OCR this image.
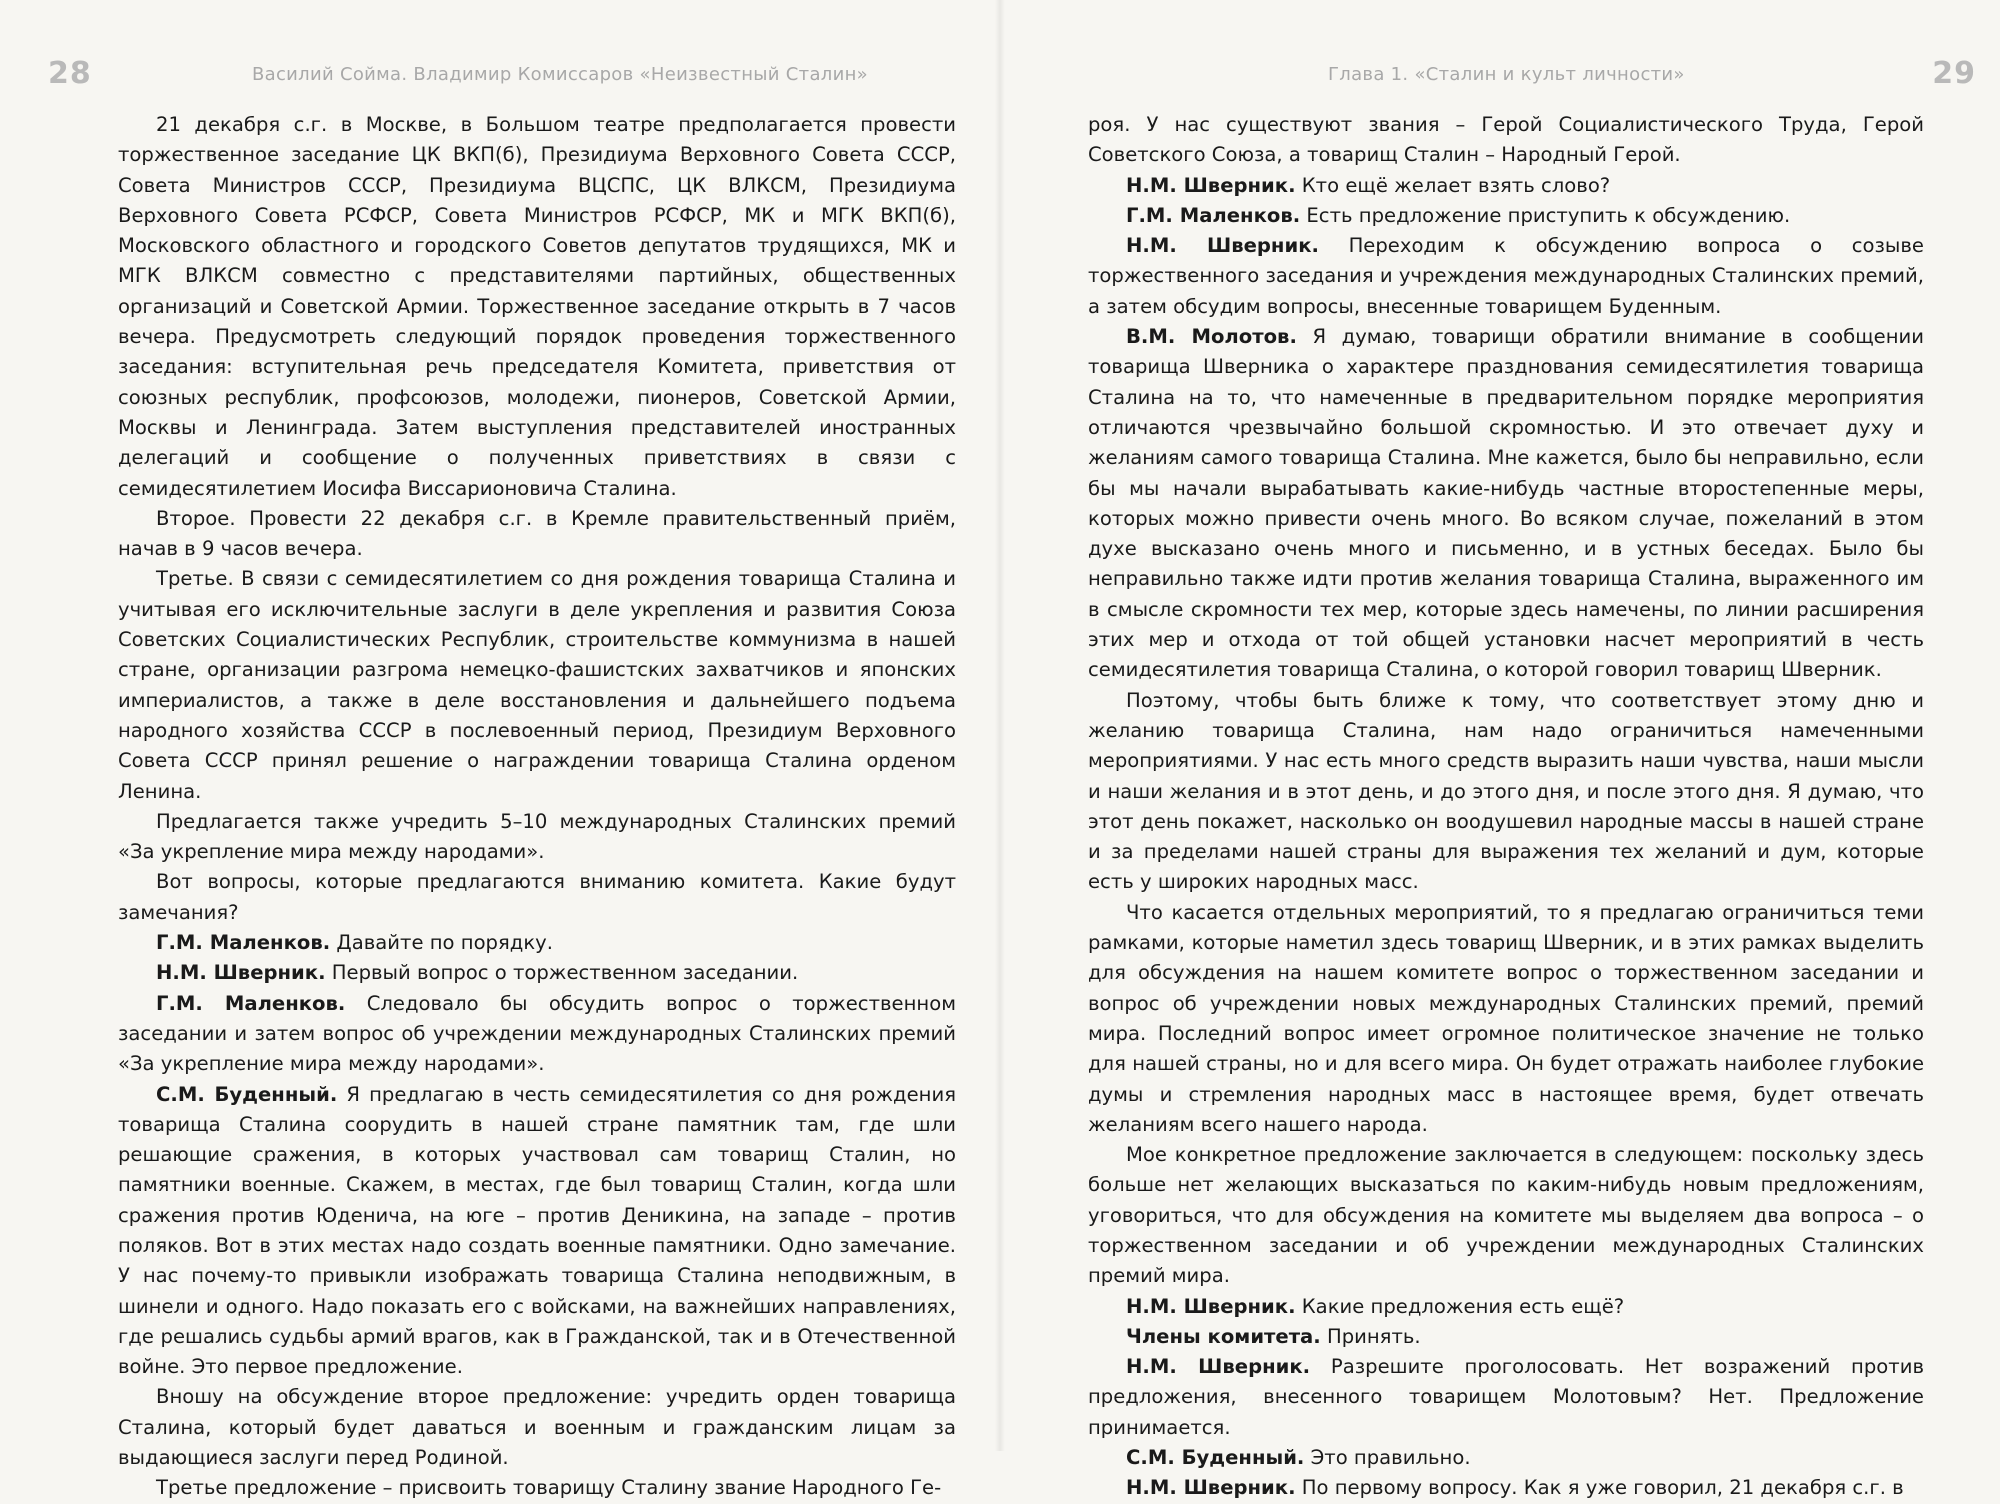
28	Василий Сойма. Владимир Комиссаров «Неизвестный Сталин»

21 декабря с.г. в Москве, в Большом театре предполагается провести торжественное заседание ЦК ВКП(б), Президиума Верховного Совета СССР, Совета Министров СССР, Президиума ВЦСПС, ЦК ВЛКСМ, Президиума Верховного Совета РСФСР, Совета Министров РСФСР, МК и МГК ВКП(б), Московского областного и городского Советов депутатов трудящихся, МК и МГК ВЛКСМ совместно с представителями партийных, общественных организаций и Советской Армии. Торжественное заседание открыть в 7 часов вечера. Предусмотреть следующий порядок проведения торжественного заседания: вступительная речь председателя Комитета, приветствия от союзных республик, профсоюзов, молодежи, пионеров, Советской Армии, Москвы и Ленинграда. Затем выступления представителей иностранных делегаций и сообщение о полученных приветствиях в связи с семидесятилетием Иосифа Виссарионовича Сталина.

Второе. Провести 22 декабря с.г. в Кремле правительственный приём, начав в 9 часов вечера.

Третье. В связи с семидесятилетием со дня рождения товарища Сталина и учитывая его исключительные заслуги в деле укрепления и развития Союза Советских Социалистических Республик, строительстве коммунизма в нашей стране, организации разгрома немецко-фашистских захватчиков и японских империалистов, а также в деле восстановления и дальнейшего подъема народного хозяйства СССР в послевоенный период, Президиум Верховного Совета СССР принял решение о награждении товарища Сталина орденом Ленина.

Предлагается также учредить 5–10 международных Сталинских премий «За укрепление мира между народами».

Вот вопросы, которые предлагаются вниманию комитета. Какие будут замечания?

Г.М. Маленков. Давайте по порядку.

Н.М. Шверник. Первый вопрос о торжественном заседании.

Г.М. Маленков. Следовало бы обсудить вопрос о торжественном заседании и затем вопрос об учреждении международных Сталинских премий «За укрепление мира между народами».

С.М. Буденный. Я предлагаю в честь семидесятилетия со дня рождения товарища Сталина соорудить в нашей стране памятник там, где шли решающие сражения, в которых участвовал сам товарищ Сталин, но памятники военные. Скажем, в местах, где был товарищ Сталин, когда шли сражения против Юденича, на юге – против Деникина, на западе – против поляков. Вот в этих местах надо создать военные памятники. Одно замечание. У нас почему-то привыкли изображать товарища Сталина неподвижным, в шинели и одного. Надо показать его с войсками, на важнейших направлениях, где решались судьбы армий врагов, как в Гражданской, так и в Отечественной войне. Это первое предложение.

Вношу на обсуждение второе предложение: учредить орден товарища Сталина, который будет даваться и военным и гражданским лицам за выдающиеся заслуги перед Родиной.

Третье предложение – присвоить товарищу Сталину звание Народного Ге-

Глава 1. «Сталин и культ личности»	29

роя. У нас существуют звания – Герой Социалистического Труда, Герой Советского Союза, а товарищ Сталин – Народный Герой.

Н.М. Шверник. Кто ещё желает взять слово?

Г.М. Маленков. Есть предложение приступить к обсуждению.

Н.М. Шверник. Переходим к обсуждению вопроса о созыве торжественного заседания и учреждения международных Сталинских премий, а затем обсудим вопросы, внесенные товарищем Буденным.

В.М. Молотов. Я думаю, товарищи обратили внимание в сообщении товарища Шверника о характере празднования семидесятилетия товарища Сталина на то, что намеченные в предварительном порядке мероприятия отличаются чрезвычайно большой скромностью. И это отвечает духу и желаниям самого товарища Сталина. Мне кажется, было бы неправильно, если бы мы начали вырабатывать какие-нибудь частные второстепенные меры, которых можно привести очень много. Во всяком случае, пожеланий в этом духе высказано очень много и письменно, и в устных беседах. Было бы неправильно также идти против желания товарища Сталина, выраженного им в смысле скромности тех мер, которые здесь намечены, по линии расширения этих мер и отхода от той общей установки насчет мероприятий в честь семидесятилетия товарища Сталина, о которой говорил товарищ Шверник.

Поэтому, чтобы быть ближе к тому, что соответствует этому дню и желанию товарища Сталина, нам надо ограничиться намеченными мероприятиями. У нас есть много средств выразить наши чувства, наши мысли и наши желания и в этот день, и до этого дня, и после этого дня. Я думаю, что этот день покажет, насколько он воодушевил народные массы в нашей стране и за пределами нашей страны для выражения тех желаний и дум, которые есть у широких народных масс.

Что касается отдельных мероприятий, то я предлагаю ограничиться теми рамками, которые наметил здесь товарищ Шверник, и в этих рамках выделить для обсуждения на нашем комитете вопрос о торжественном заседании и вопрос об учреждении новых международных Сталинских премий, премий мира. Последний вопрос имеет огромное политическое значение не только для нашей страны, но и для всего мира. Он будет отражать наиболее глубокие думы и стремления народных масс в настоящее время, будет отвечать желаниям всего нашего народа.

Мое конкретное предложение заключается в следующем: поскольку здесь больше нет желающих высказаться по каким-нибудь новым предложениям, уговориться, что для обсуждения на комитете мы выделяем два вопроса – о торжественном заседании и об учреждении международных Сталинских премий мира.

Н.М. Шверник. Какие предложения есть ещё?

Члены комитета. Принять.

Н.М. Шверник. Разрешите проголосовать. Нет возражений против предложения, внесенного товарищем Молотовым? Нет. Предложение принимается.

С.М. Буденный. Это правильно.

Н.М. Шверник. По первому вопросу. Как я уже говорил, 21 декабря с.г. в
